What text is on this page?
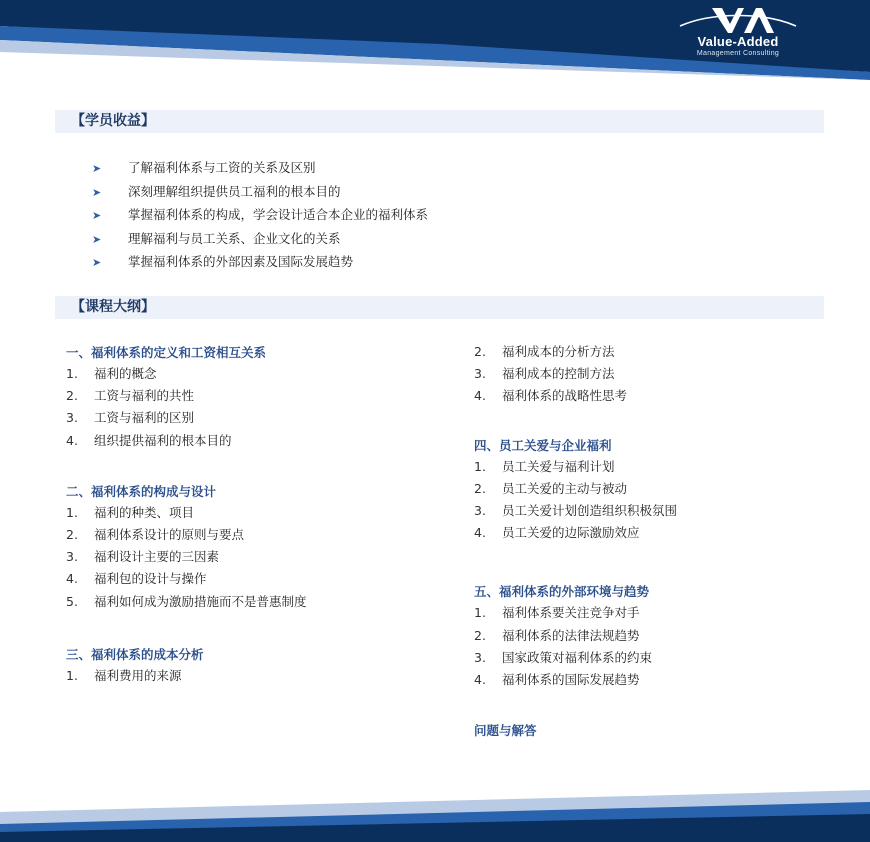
Value-Added
Management Consulting
【学员收益】
➤ 了解福利体系与工资的关系及区别
➤ 深刻理解组织提供员工福利的根本目的
➤ 掌握福利体系的构成，学会设计适合本企业的福利体系
➤ 理解福利与员工关系、企业文化的关系
➤ 掌握福利体系的外部因素及国际发展趋势
【课程大纲】
一、福利体系的定义和工资相互关系
1. 福利的概念
2. 工资与福利的共性
3. 工资与福利的区别
4. 组织提供福利的根本目的
二、福利体系的构成与设计
1. 福利的种类、项目
2. 福利体系设计的原则与要点
3. 福利设计主要的三因素
4. 福利包的设计与操作
5. 福利如何成为激励措施而不是普惠制度
三、福利体系的成本分析
1. 福利费用的来源
2. 福利成本的分析方法
3. 福利成本的控制方法
4. 福利体系的战略性思考
四、员工关爱与企业福利
1. 员工关爱与福利计划
2. 员工关爱的主动与被动
3. 员工关爱计划创造组织积极氛围
4. 员工关爱的边际激励效应
五、福利体系的外部环境与趋势
1. 福利体系要关注竞争对手
2. 福利体系的法律法规趋势
3. 国家政策对福利体系的约束
4. 福利体系的国际发展趋势
问题与解答
